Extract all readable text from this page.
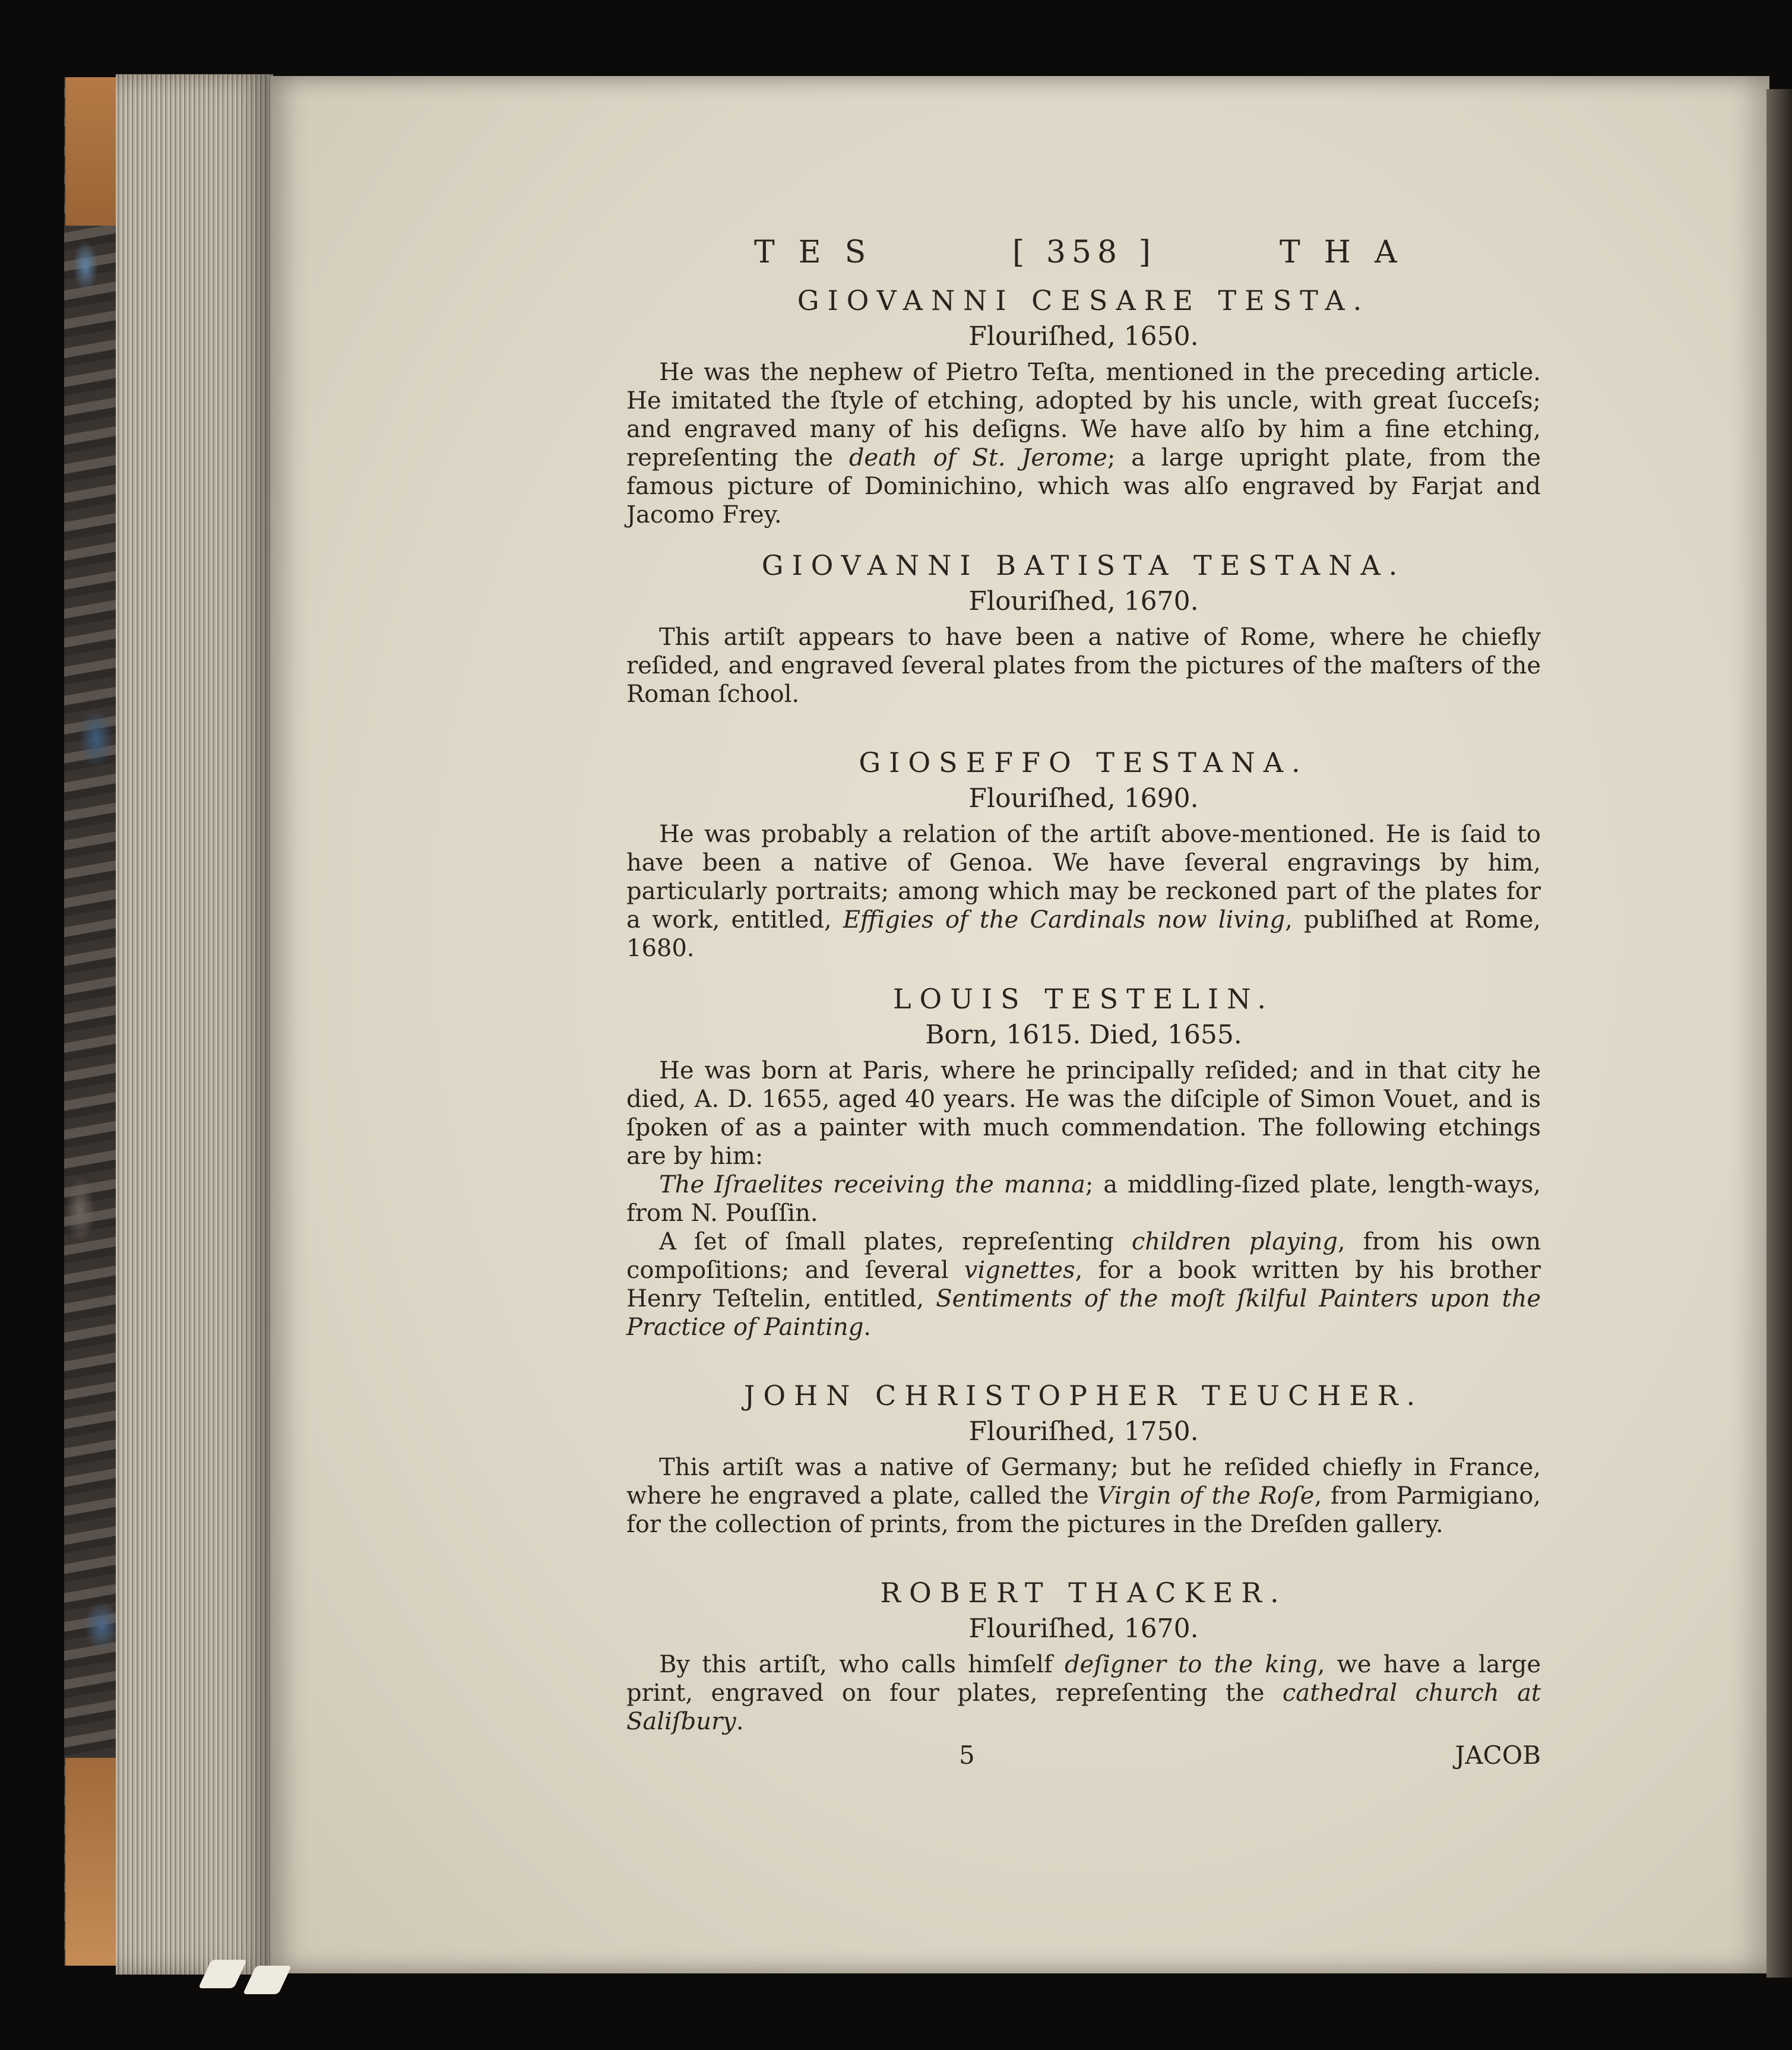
TES	[ 358 ]	THA
GIOVANNI CESARE TESTA.
Flouriſhed, 1650.

He was the nephew of Pietro Teſta, mentioned in the preceding article. He imitated the ſtyle of etching, adopted by his uncle, with great ſucceſs; and engraved many of his deſigns. We have alſo by him a fine etching, repreſenting the death of St. Jerome; a large upright plate, from the famous picture of Dominichino, which was alſo engraved by Farjat and Jacomo Frey.

GIOVANNI BATISTA TESTANA.
Flouriſhed, 1670.

This artiſt appears to have been a native of Rome, where he chiefly reſided, and engraved ſeveral plates from the pictures of the maſters of the Roman ſchool.

GIOSEFFO TESTANA.
Flouriſhed, 1690.

He was probably a relation of the artiſt above-mentioned. He is ſaid to have been a native of Genoa. We have ſeveral engravings by him, particularly portraits; among which may be reckoned part of the plates for a work, entitled, Effigies of the Cardinals now living, publiſhed at Rome, 1680.

LOUIS TESTELIN.
Born, 1615. Died, 1655.

He was born at Paris, where he principally reſided; and in that city he died, A. D. 1655, aged 40 years. He was the diſciple of Simon Vouet, and is ſpoken of as a painter with much commendation. The following etchings are by him:

The Iſraelites receiving the manna; a middling-ſized plate, length-ways, from N. Pouſſin.

A ſet of ſmall plates, repreſenting children playing, from his own compoſitions; and ſeveral vignettes, for a book written by his brother Henry Teſtelin, entitled, Sentiments of the moſt ſkilful Painters upon the Practice of Painting.

JOHN CHRISTOPHER TEUCHER.
Flouriſhed, 1750.

This artiſt was a native of Germany; but he reſided chiefly in France, where he engraved a plate, called the Virgin of the Roſe, from Parmigiano, for the collection of prints, from the pictures in the Dreſden gallery.

ROBERT THACKER.
Flouriſhed, 1670.

By this artiſt, who calls himſelf deſigner to the king, we have a large print, engraved on four plates, repreſenting the cathedral church at Saliſbury.

5	JACOB
